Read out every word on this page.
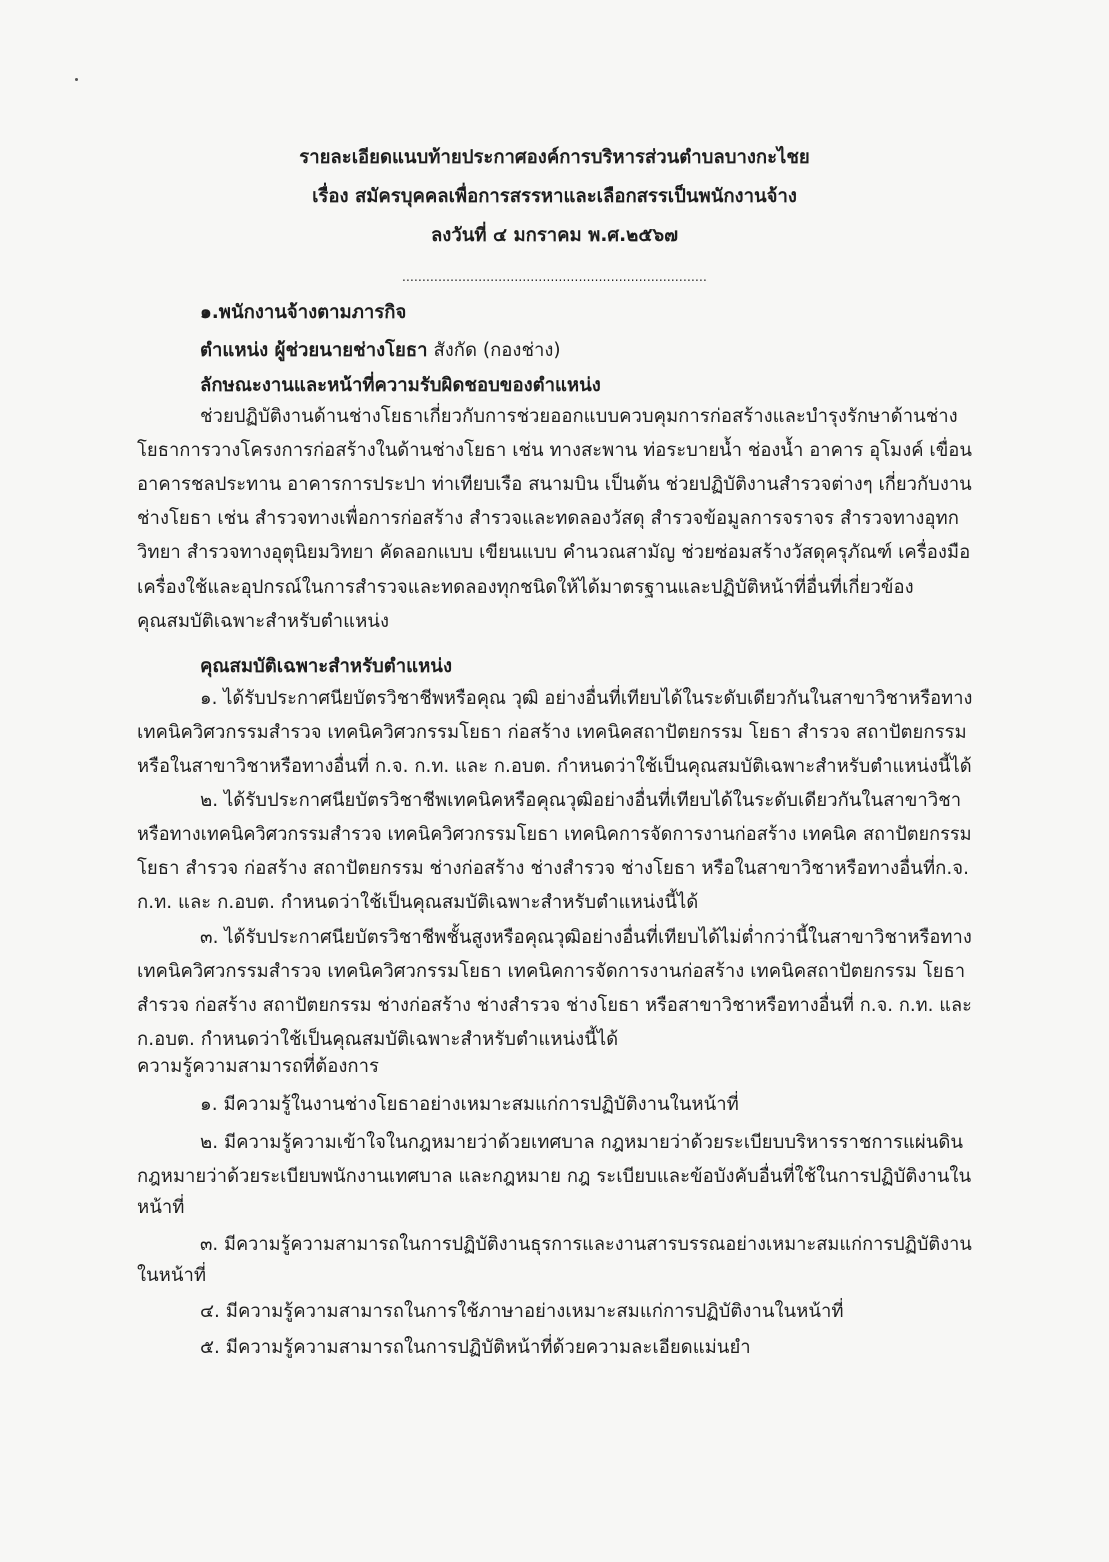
รายละเอียดแนบท้ายประกาศองค์การบริหารส่วนตำบลบางกะไชย
เรื่อง สมัครบุคคลเพื่อการสรรหาและเลือกสรรเป็นพนักงานจ้าง
ลงวันที่ ๔ มกราคม พ.ศ.๒๕๖๗
............................................................................
๑.พนักงานจ้างตามภารกิจ
ตำแหน่ง ผู้ช่วยนายช่างโยธา สังกัด (กองช่าง)
ลักษณะงานและหน้าที่ความรับผิดชอบของตำแหน่ง
ช่วยปฏิบัติงานด้านช่างโยธาเกี่ยวกับการช่วยออกแบบควบคุมการก่อสร้างและบำรุงรักษาด้านช่าง
โยธาการวางโครงการก่อสร้างในด้านช่างโยธา เช่น ทางสะพาน ท่อระบายน้ำ ช่องน้ำ อาคาร อุโมงค์ เขื่อน
อาคารชลประทาน อาคารการประปา ท่าเทียบเรือ สนามบิน เป็นต้น ช่วยปฏิบัติงานสำรวจต่างๆ เกี่ยวกับงาน
ช่างโยธา เช่น สำรวจทางเพื่อการก่อสร้าง สำรวจและทดลองวัสดุ สำรวจข้อมูลการจราจร สำรวจทางอุทก
วิทยา สำรวจทางอุตุนิยมวิทยา คัดลอกแบบ เขียนแบบ คำนวณสามัญ ช่วยซ่อมสร้างวัสดุครุภัณฑ์ เครื่องมือ
เครื่องใช้และอุปกรณ์ในการสำรวจและทดลองทุกชนิดให้ได้มาตรฐานและปฏิบัติหน้าที่อื่นที่เกี่ยวข้อง
คุณสมบัติเฉพาะสำหรับตำแหน่ง
คุณสมบัติเฉพาะสำหรับตำแหน่ง
๑. ได้รับประกาศนียบัตรวิชาชีพหรือคุณ วุฒิ อย่างอื่นที่เทียบได้ในระดับเดียวกันในสาขาวิชาหรือทาง
เทคนิควิศวกรรมสำรวจ เทคนิควิศวกรรมโยธา ก่อสร้าง เทคนิคสถาปัตยกรรม โยธา สำรวจ สถาปัตยกรรม
หรือในสาขาวิชาหรือทางอื่นที่ ก.จ. ก.ท. และ ก.อบต. กำหนดว่าใช้เป็นคุณสมบัติเฉพาะสำหรับตำแหน่งนี้ได้
๒. ได้รับประกาศนียบัตรวิชาชีพเทคนิคหรือคุณวุฒิอย่างอื่นที่เทียบได้ในระดับเดียวกันในสาขาวิชา
หรือทางเทคนิควิศวกรรมสำรวจ เทคนิควิศวกรรมโยธา เทคนิคการจัดการงานก่อสร้าง เทคนิค สถาปัตยกรรม
โยธา สำรวจ ก่อสร้าง สถาปัตยกรรม ช่างก่อสร้าง ช่างสำรวจ ช่างโยธา หรือในสาขาวิชาหรือทางอื่นที่ก.จ.
ก.ท. และ ก.อบต. กำหนดว่าใช้เป็นคุณสมบัติเฉพาะสำหรับตำแหน่งนี้ได้
๓. ได้รับประกาศนียบัตรวิชาชีพชั้นสูงหรือคุณวุฒิอย่างอื่นที่เทียบได้ไม่ต่ำกว่านี้ในสาขาวิชาหรือทาง
เทคนิควิศวกรรมสำรวจ เทคนิควิศวกรรมโยธา เทคนิคการจัดการงานก่อสร้าง เทคนิคสถาปัตยกรรม โยธา
สำรวจ ก่อสร้าง สถาปัตยกรรม ช่างก่อสร้าง ช่างสำรวจ ช่างโยธา หรือสาขาวิชาหรือทางอื่นที่ ก.จ. ก.ท. และ
ก.อบต. กำหนดว่าใช้เป็นคุณสมบัติเฉพาะสำหรับตำแหน่งนี้ได้
ความรู้ความสามารถที่ต้องการ
๑. มีความรู้ในงานช่างโยธาอย่างเหมาะสมแก่การปฏิบัติงานในหน้าที่
๒. มีความรู้ความเข้าใจในกฎหมายว่าด้วยเทศบาล กฎหมายว่าด้วยระเบียบบริหารราชการแผ่นดิน
กฎหมายว่าด้วยระเบียบพนักงานเทศบาล และกฎหมาย กฎ ระเบียบและข้อบังคับอื่นที่ใช้ในการปฏิบัติงานใน
หน้าที่
๓. มีความรู้ความสามารถในการปฏิบัติงานธุรการและงานสารบรรณอย่างเหมาะสมแก่การปฏิบัติงาน
ในหน้าที่
๔. มีความรู้ความสามารถในการใช้ภาษาอย่างเหมาะสมแก่การปฏิบัติงานในหน้าที่
๕. มีความรู้ความสามารถในการปฏิบัติหน้าที่ด้วยความละเอียดแม่นยำ
